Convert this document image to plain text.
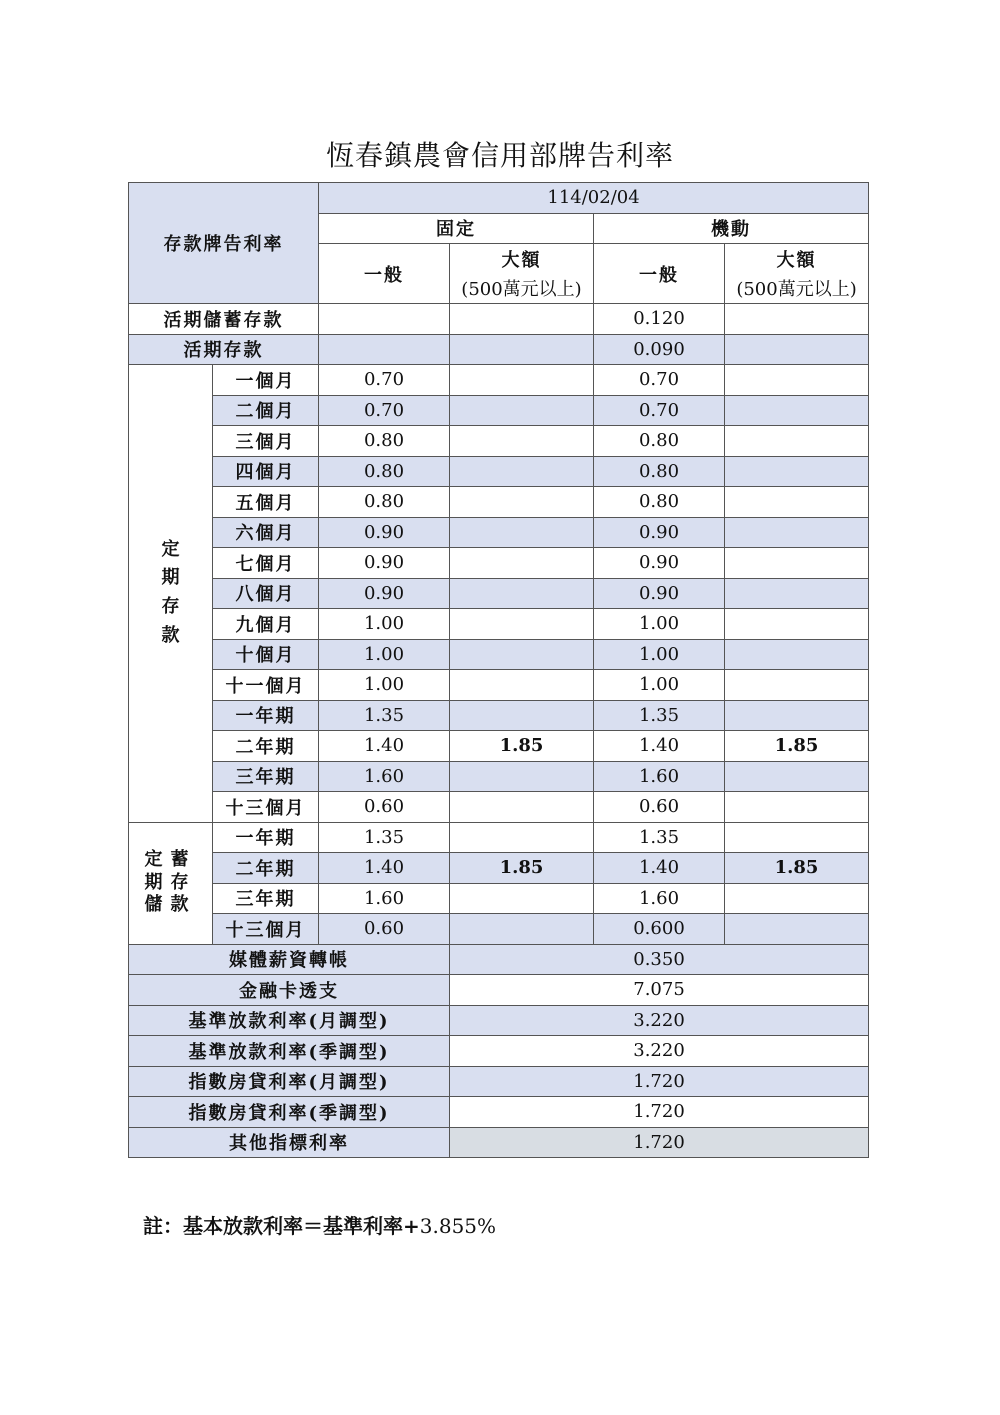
恆春鎮農會信用部牌告利率
存款牌告利率		114/02/04			
		固定		機動	
		一般	大額	一般	大額
			(500萬元以上)		(500萬元以上)
活期儲蓄存款				0.120	
活期存款				0.090	

定
期
存
款	一個月	0.70		0.70	
	二個月	0.70		0.70	
	三個月	0.80		0.80	
	四個月	0.80		0.80	
	五個月	0.80		0.80	
	六個月	0.90		0.90	
	七個月	0.90		0.90	
	八個月	0.90		0.90	
	九個月	1.00		1.00	
	十個月	1.00		1.00	
	十一個月	1.00		1.00	
	一年期	1.35		1.35	
	二年期	1.40	1.85	1.40	1.85
	三年期	1.60		1.60	
	十三個月	0.60		0.60	

定蓄
期存
儲款	一年期	1.35		1.35	
	二年期	1.40	1.85	1.40	1.85
	三年期	1.60		1.60	
	十三個月	0.60		0.600	
媒體薪資轉帳			0.350		
金融卡透支			7.075		
基準放款利率(月調型)			3.220		
基準放款利率(季調型)			3.220		
指數房貸利率(月調型)			1.720		
指數房貸利率(季調型)			1.720		
其他指標利率			1.720		
註：基本放款利率＝基準利率+3.855%
